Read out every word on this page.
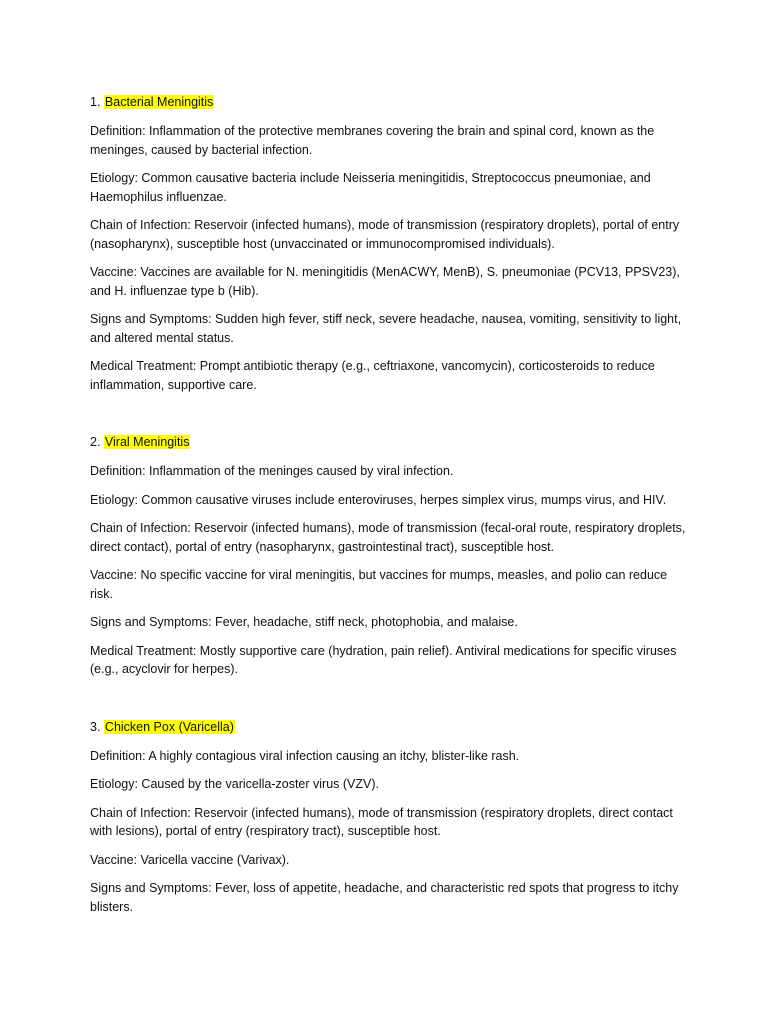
1. Bacterial Meningitis

Definition: Inflammation of the protective membranes covering the brain and spinal cord, known as the meninges, caused by bacterial infection.

Etiology: Common causative bacteria include Neisseria meningitidis, Streptococcus pneumoniae, and Haemophilus influenzae.

Chain of Infection: Reservoir (infected humans), mode of transmission (respiratory droplets), portal of entry (nasopharynx), susceptible host (unvaccinated or immunocompromised individuals).

Vaccine: Vaccines are available for N. meningitidis (MenACWY, MenB), S. pneumoniae (PCV13, PPSV23), and H. influenzae type b (Hib).

Signs and Symptoms: Sudden high fever, stiff neck, severe headache, nausea, vomiting, sensitivity to light, and altered mental status.

Medical Treatment: Prompt antibiotic therapy (e.g., ceftriaxone, vancomycin), corticosteroids to reduce inflammation, supportive care.

2. Viral Meningitis

Definition: Inflammation of the meninges caused by viral infection.

Etiology: Common causative viruses include enteroviruses, herpes simplex virus, mumps virus, and HIV.

Chain of Infection: Reservoir (infected humans), mode of transmission (fecal-oral route, respiratory droplets, direct contact), portal of entry (nasopharynx, gastrointestinal tract), susceptible host.

Vaccine: No specific vaccine for viral meningitis, but vaccines for mumps, measles, and polio can reduce risk.

Signs and Symptoms: Fever, headache, stiff neck, photophobia, and malaise.

Medical Treatment: Mostly supportive care (hydration, pain relief). Antiviral medications for specific viruses (e.g., acyclovir for herpes).

3. Chicken Pox (Varicella)

Definition: A highly contagious viral infection causing an itchy, blister-like rash.

Etiology: Caused by the varicella-zoster virus (VZV).

Chain of Infection: Reservoir (infected humans), mode of transmission (respiratory droplets, direct contact with lesions), portal of entry (respiratory tract), susceptible host.

Vaccine: Varicella vaccine (Varivax).

Signs and Symptoms: Fever, loss of appetite, headache, and characteristic red spots that progress to itchy blisters.
